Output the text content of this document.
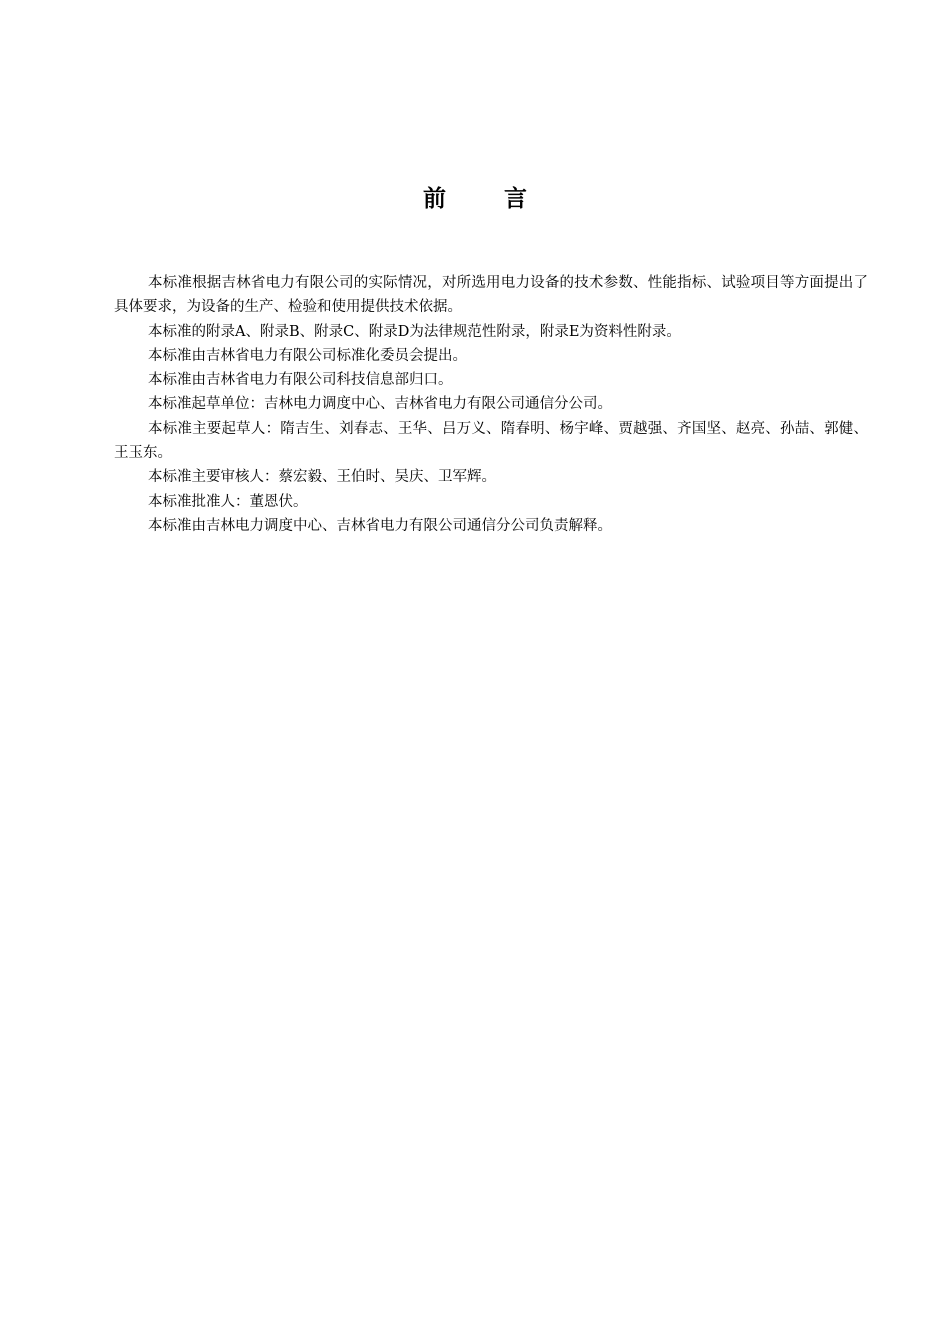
前	言

本标准根据吉林省电力有限公司的实际情况，对所选用电力设备的技术参数、性能指标、试验项目等方面提出了具体要求，为设备的生产、检验和使用提供技术依据。

本标准的附录A、附录B、附录C、附录D为法律规范性附录，附录E为资料性附录。

本标准由吉林省电力有限公司标准化委员会提出。

本标准由吉林省电力有限公司科技信息部归口。

本标准起草单位：吉林电力调度中心、吉林省电力有限公司通信分公司。

本标准主要起草人：隋吉生、刘春志、王华、吕万义、隋春明、杨宇峰、贾越强、齐国坚、赵亮、孙喆、郭健、王玉东。

本标准主要审核人：蔡宏毅、王伯时、吴庆、卫军辉。

本标准批准人：董恩伏。

本标准由吉林电力调度中心、吉林省电力有限公司通信分公司负责解释。
